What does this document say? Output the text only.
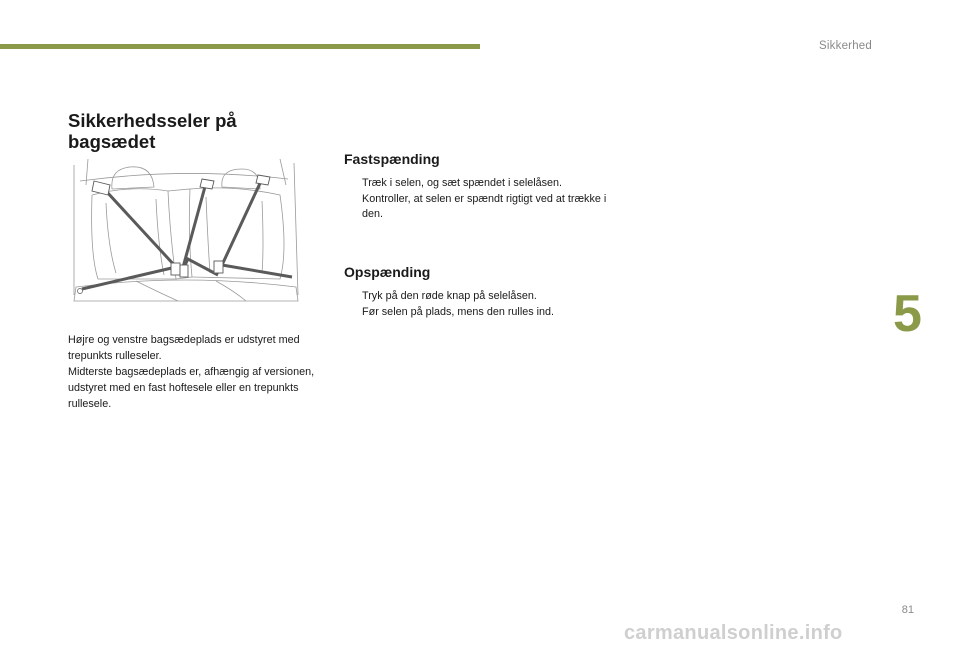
Sikkerhed
5
Sikkerhedsseler på
bagsædet

Højre og venstre bagsædeplads er udstyret med trepunkts rulleseler.

Midterste bagsædeplads er, afhængig af versionen, udstyret med en fast hoftesele eller en trepunkts rullesele.

Fastspænding
Træk i selen, og sæt spændet i selelåsen.
Kontroller, at selen er spændt rigtigt ved at trække i den.
Opspænding
Tryk på den røde knap på selelåsen.
Før selen på plads, mens den rulles ind.
81
carmanualsonline.info
